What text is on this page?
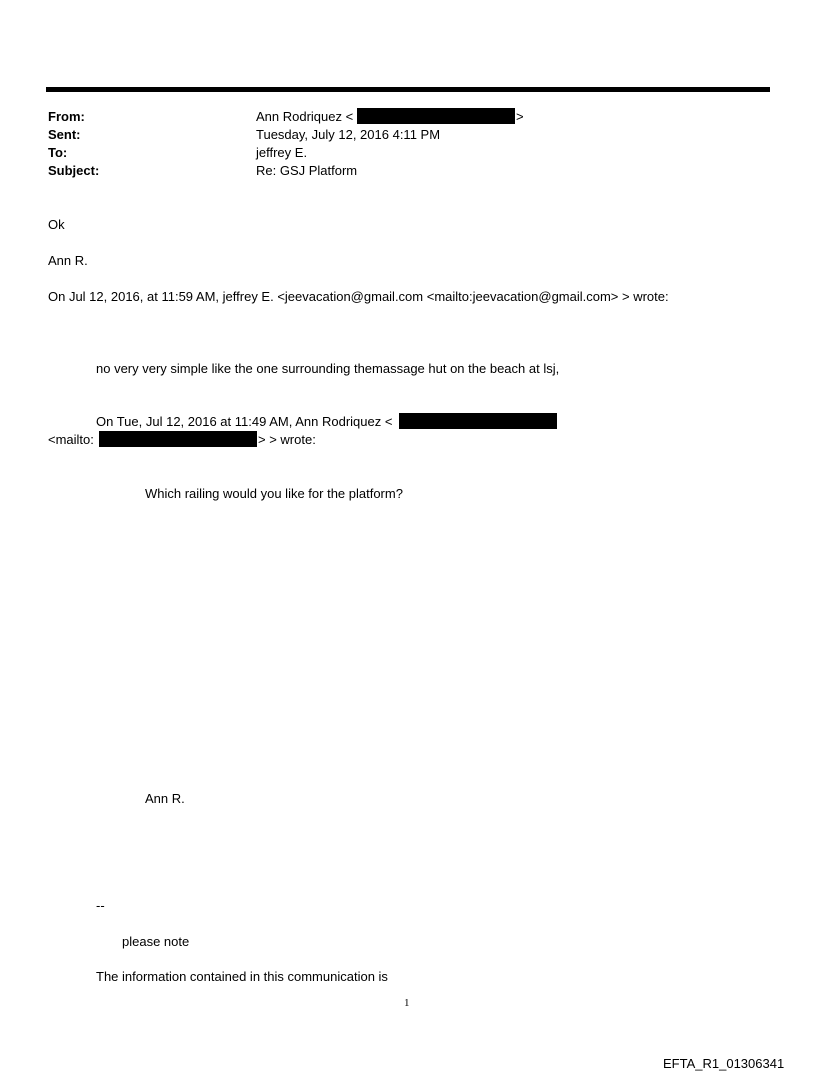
From:
Sent:
To:
Subject:
Ann Rodriquez <	>
Tuesday, July 12, 2016 4:11 PM
jeffrey E.
Re: GSJ Platform
Ok
Ann R.
On Jul 12, 2016, at 11:59 AM, jeffrey E. <jeevacation@gmail.com <mailto:jeevacation@gmail.com> > wrote:
no very very simple like the one surrounding themassage hut on the beach at lsj,
On Tue, Jul 12, 2016 at 11:49 AM, Ann Rodriquez <
<mailto:	> > wrote:
Which railing would you like for the platform?
Ann R.
--
please note
The information contained in this communication is
1
EFTA_R1_01306341
